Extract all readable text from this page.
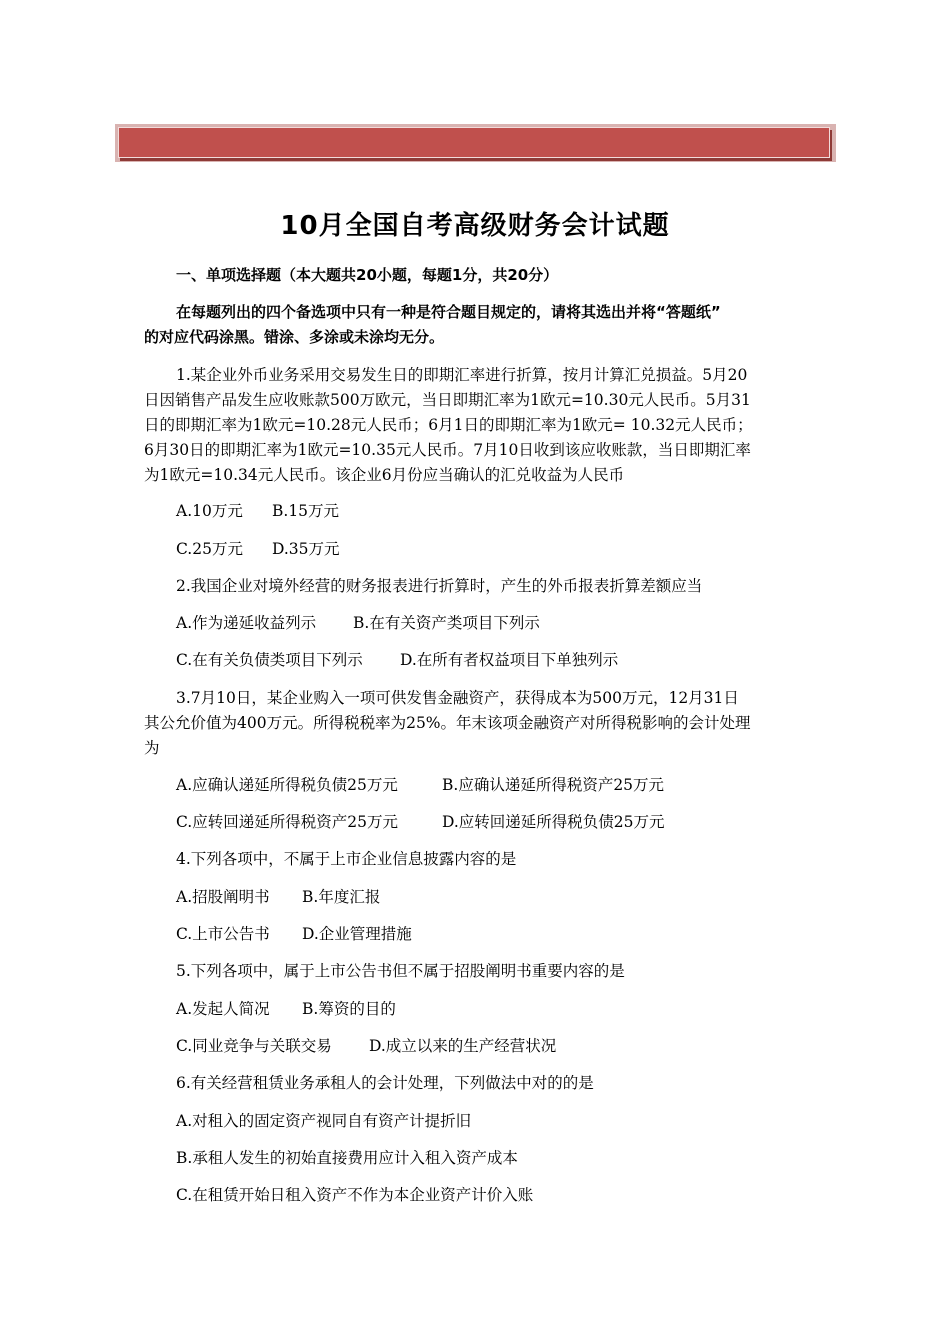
10月全国自考高级财务会计试题
一、单项选择题（本大题共20小题，每题1分，共20分）
在每题列出的四个备选项中只有一种是符合题目规定的，请将其选出并将“答题纸”
的对应代码涂黑。错涂、多涂或未涂均无分。
1.某企业外币业务采用交易发生日的即期汇率进行折算，按月计算汇兑损益。5月20
日因销售产品发生应收账款500万欧元，当日即期汇率为1欧元=10.30元人民币。5月31
日的即期汇率为1欧元=10.28元人民币；6月1日的即期汇率为1欧元= 10.32元人民币；
6月30日的即期汇率为1欧元=10.35元人民币。7月10日收到该应收账款，当日即期汇率
为1欧元=10.34元人民币。该企业6月份应当确认的汇兑收益为人民币
A.10万元 B.15万元
C.25万元 D.35万元
2.我国企业对境外经营的财务报表进行折算时，产生的外币报表折算差额应当
A.作为递延收益列示 B.在有关资产类项目下列示
C.在有关负债类项目下列示 D.在所有者权益项目下单独列示
3.7月10日，某企业购入一项可供发售金融资产，获得成本为500万元，12月31日
其公允价值为400万元。所得税税率为25%。年末该项金融资产对所得税影响的会计处理
为
A.应确认递延所得税负债25万元	B.应确认递延所得税资产25万元
C.应转回递延所得税资产25万元	D.应转回递延所得税负债25万元
4.下列各项中，不属于上市企业信息披露内容的是
A.招股阐明书 B.年度汇报
C.上市公告书 D.企业管理措施
5.下列各项中，属于上市公告书但不属于招股阐明书重要内容的是
A.发起人简况 B.筹资的目的
C.同业竞争与关联交易 D.成立以来的生产经营状况
6.有关经营租赁业务承租人的会计处理，下列做法中对的的是
A.对租入的固定资产视同自有资产计提折旧
B.承租人发生的初始直接费用应计入租入资产成本
C.在租赁开始日租入资产不作为本企业资产计价入账
